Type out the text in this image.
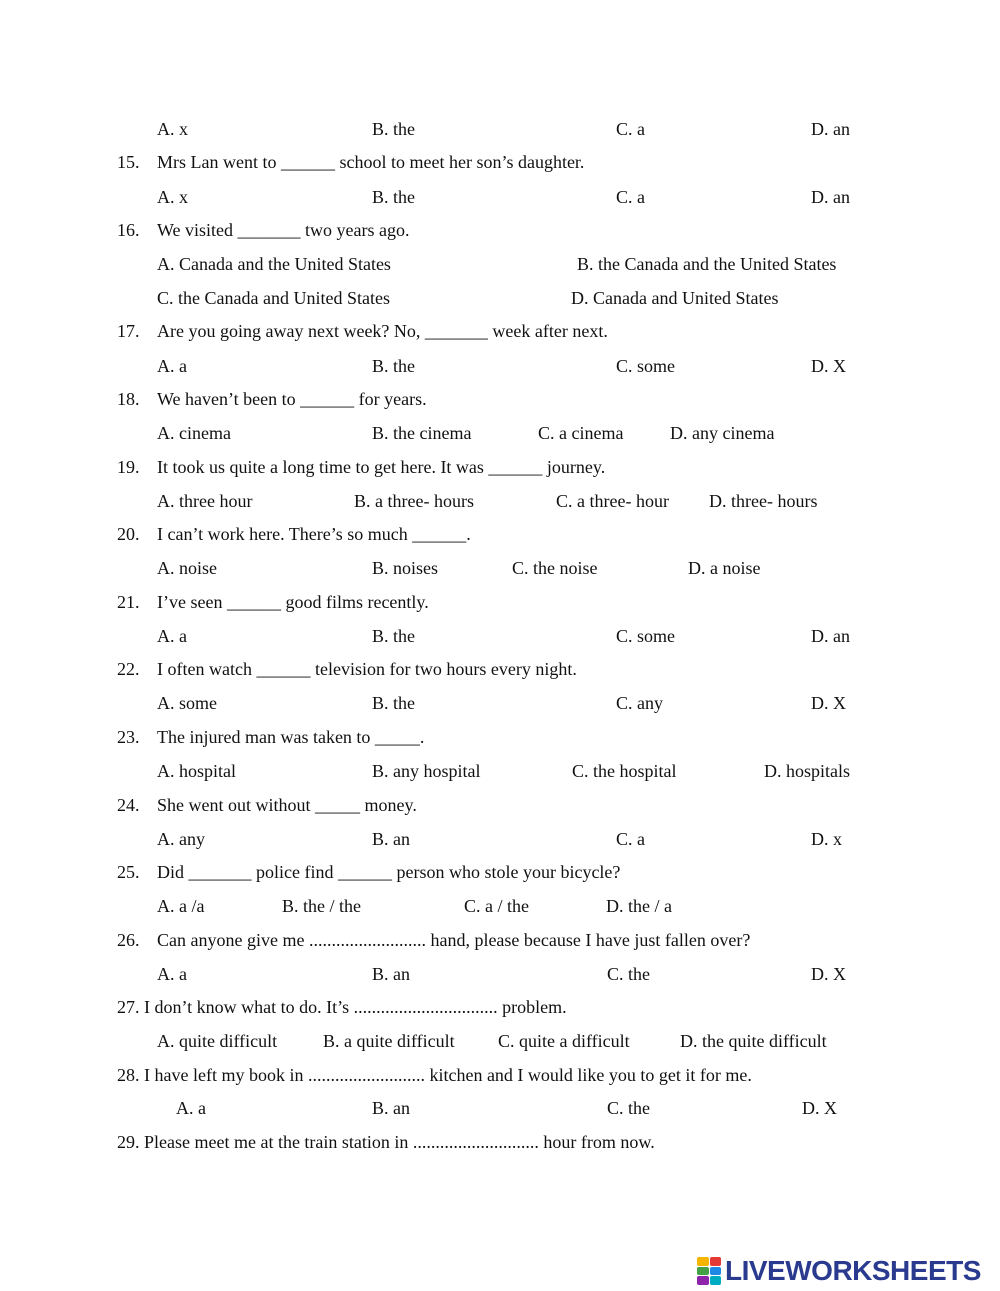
A. x	B. the	C. a	D. an
15. Mrs Lan went to ______ school to meet her son’s daughter.
A. x	B. the	C. a	D. an
16. We visited _______ two years ago.
A. Canada and the United States	B. the Canada and the United States
C. the Canada and United States	D. Canada and United States
17. Are you going away next week? No, _______ week after next.
A. a	B. the	C. some	D. X
18. We haven’t been to ______ for years.
A. cinema	B. the cinema	C. a cinema	D. any cinema
19. It took us quite a long time to get here. It was ______ journey.
A. three hour	B. a three- hours	C. a three- hour D. three- hours
20. I can’t work here. There’s so much ______.
A. noise	B. noises	C. the noise	D. a noise
21. I’ve seen ______ good films recently.
A. a	B. the	C. some	D. an
22. I often watch ______ television for two hours every night.
A. some	B. the	C. any	D. X
23. The injured man was taken to _____.
A. hospital	B. any hospital	C. the hospital	D. hospitals
24. She went out without _____ money.
A. any	B. an	C. a	D. x
25. Did _______ police find ______ person who stole your bicycle?
A. a /a	B. the / the	C. a / the	D. the / a
26. Can anyone give me .......................... hand, please because I have just fallen over?
A. a	B. an	C. the	D. X
27. I don’t know what to do. It’s ................................ problem.
A. quite difficult	B. a quite difficult C. quite a difficult	D. the quite difficult
28. I have left my book in .......................... kitchen and I would like you to get it for me.
A. a	B. an	C. the	D. X
29. Please meet me at the train station in ............................ hour from now.
LIVEWORKSHEETS
